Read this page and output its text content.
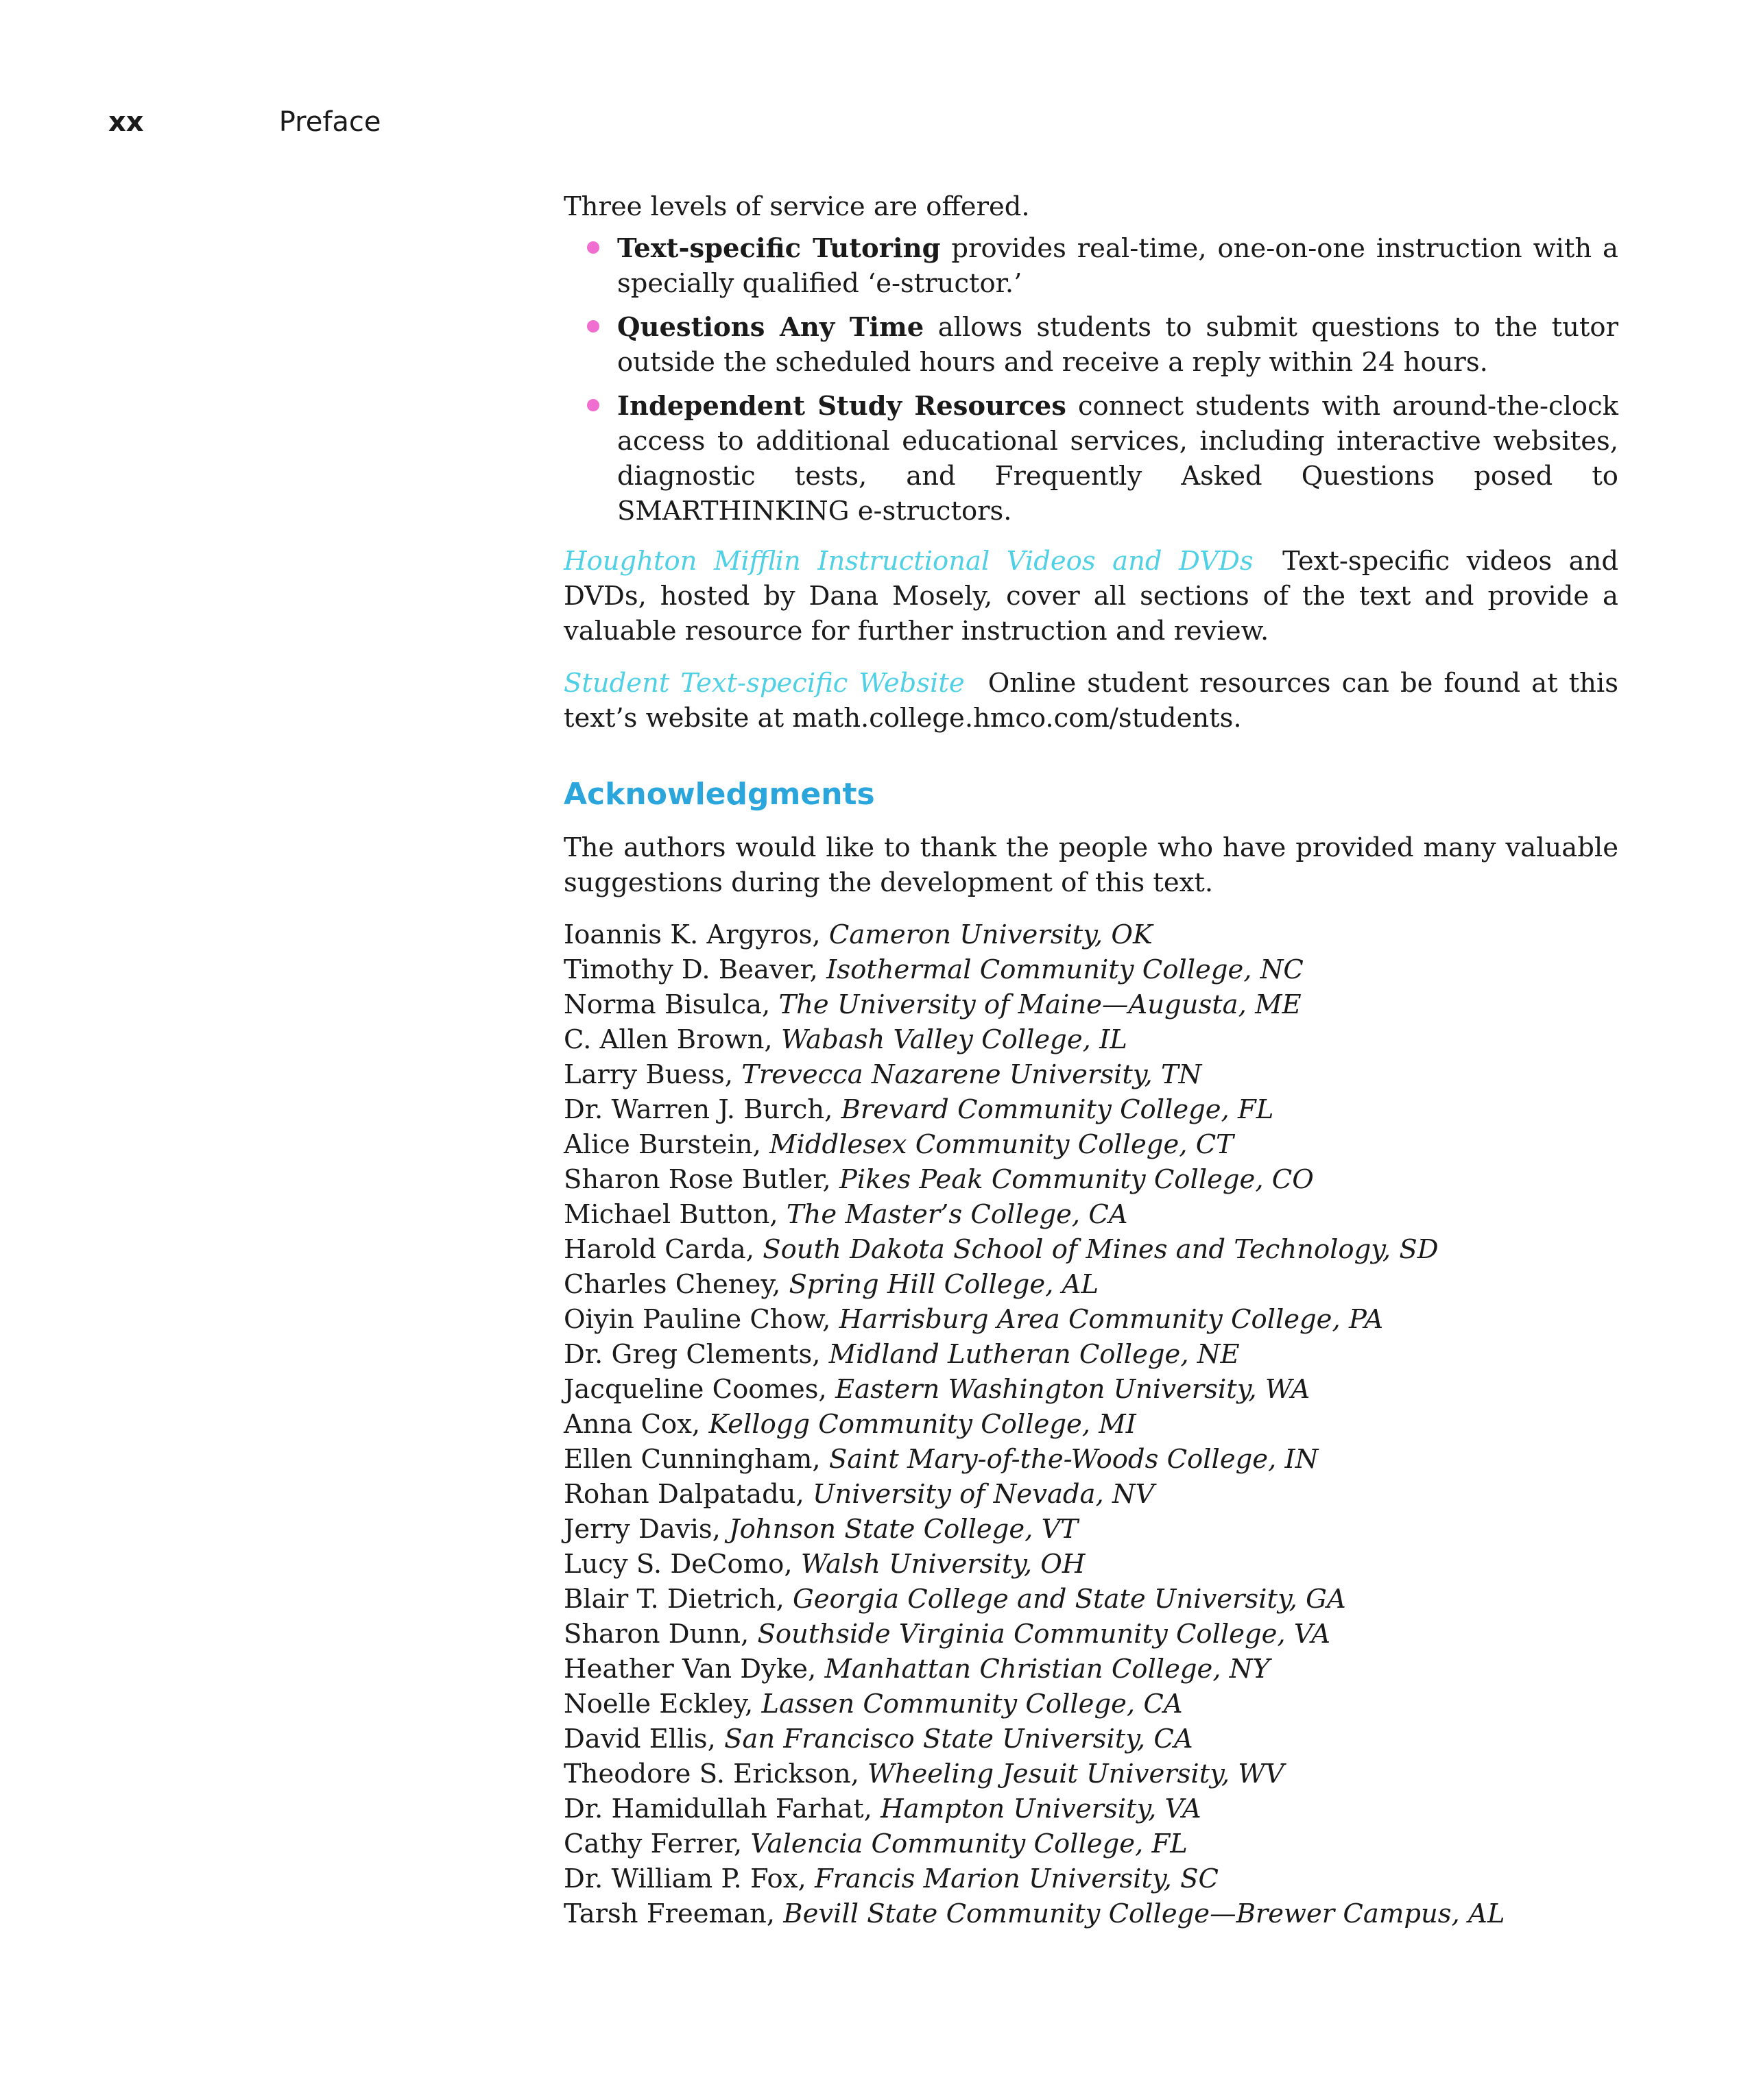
xx	Preface

Three levels of service are offered.

Text-specific Tutoring provides real-time, one-on-one instruction with a specially qualified ‘e-structor.’
Questions Any Time allows students to submit questions to the tutor outside the scheduled hours and receive a reply within 24 hours.
Independent Study Resources connect students with around-the-clock access to additional educational services, including interactive websites, diagnostic tests, and Frequently Asked Questions posed to SMARTHINKING e-structors.

Houghton Mifflin Instructional Videos and DVDs Text-specific videos and DVDs, hosted by Dana Mosely, cover all sections of the text and provide a valuable resource for further instruction and review.

Student Text-specific Website Online student resources can be found at this text’s website at math.college.hmco.com/students.

Acknowledgments

The authors would like to thank the people who have provided many valuable suggestions during the development of this text.

Ioannis K. Argyros, Cameron University, OK
Timothy D. Beaver, Isothermal Community College, NC
Norma Bisulca, The University of Maine—Augusta, ME
C. Allen Brown, Wabash Valley College, IL
Larry Buess, Trevecca Nazarene University, TN
Dr. Warren J. Burch, Brevard Community College, FL
Alice Burstein, Middlesex Community College, CT
Sharon Rose Butler, Pikes Peak Community College, CO
Michael Button, The Master’s College, CA
Harold Carda, South Dakota School of Mines and Technology, SD
Charles Cheney, Spring Hill College, AL
Oiyin Pauline Chow, Harrisburg Area Community College, PA
Dr. Greg Clements, Midland Lutheran College, NE
Jacqueline Coomes, Eastern Washington University, WA
Anna Cox, Kellogg Community College, MI
Ellen Cunningham, Saint Mary-of-the-Woods College, IN
Rohan Dalpatadu, University of Nevada, NV
Jerry Davis, Johnson State College, VT
Lucy S. DeComo, Walsh University, OH
Blair T. Dietrich, Georgia College and State University, GA
Sharon Dunn, Southside Virginia Community College, VA
Heather Van Dyke, Manhattan Christian College, NY
Noelle Eckley, Lassen Community College, CA
David Ellis, San Francisco State University, CA
Theodore S. Erickson, Wheeling Jesuit University, WV
Dr. Hamidullah Farhat, Hampton University, VA
Cathy Ferrer, Valencia Community College, FL
Dr. William P. Fox, Francis Marion University, SC
Tarsh Freeman, Bevill State Community College—Brewer Campus, AL
